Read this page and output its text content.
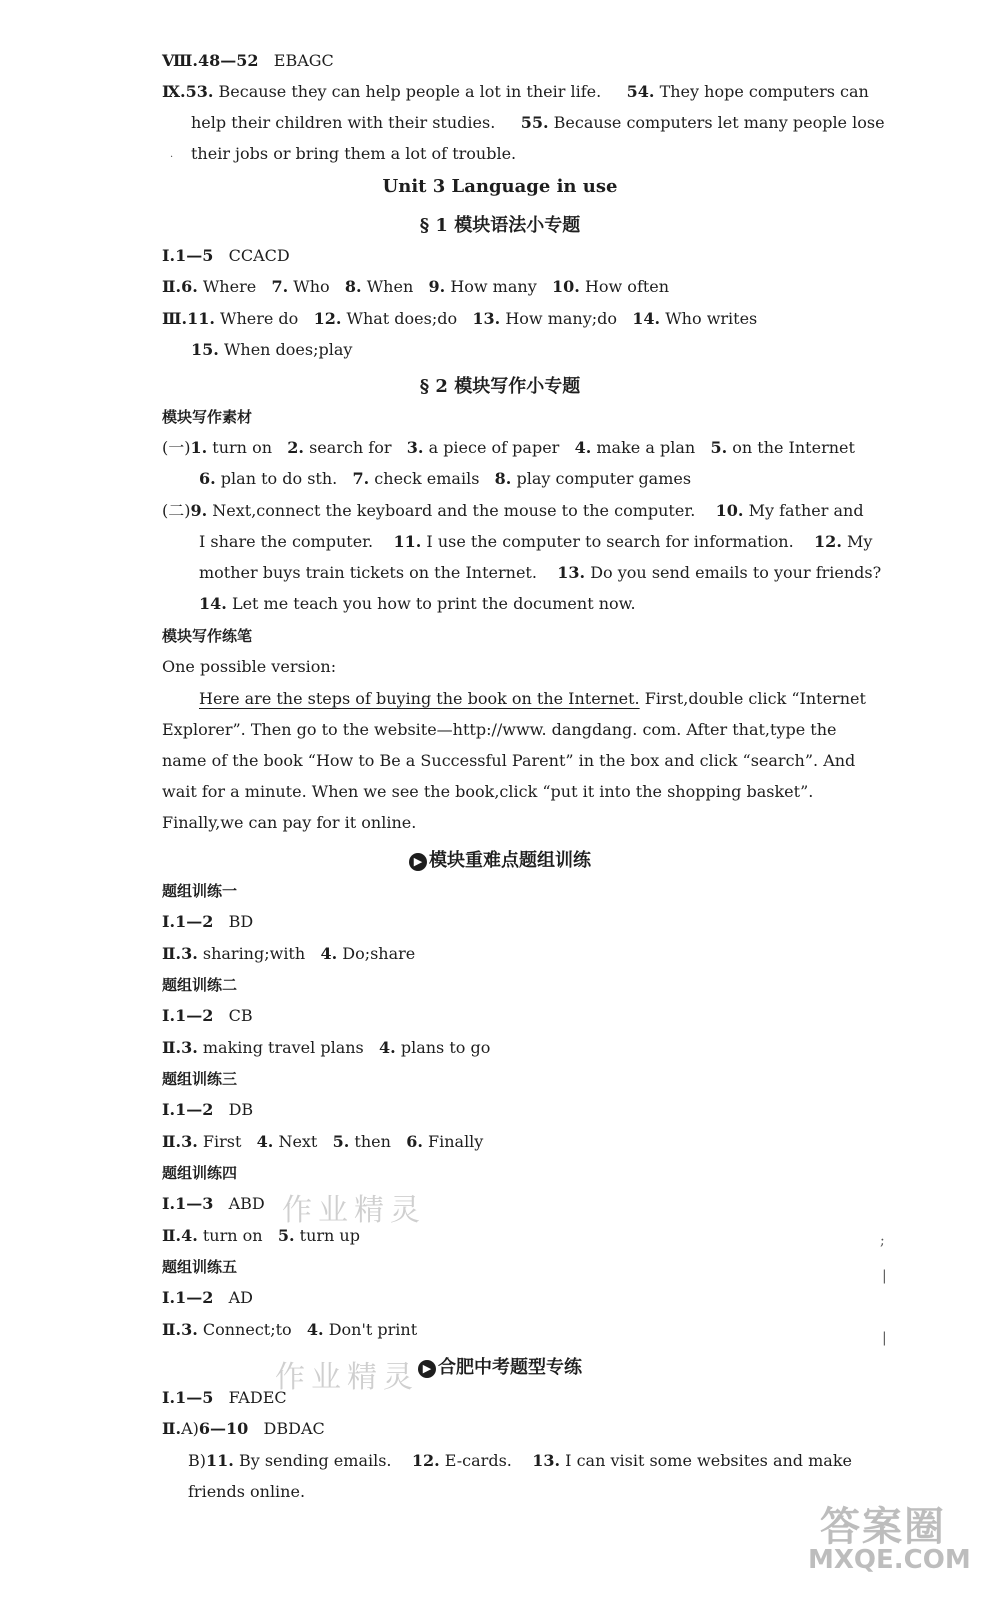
Ⅷ.48—52 EBAGC
Ⅸ.53. Because they can help people a lot in their life. 54. They hope computers can
help their children with their studies. 55. Because computers let many people lose
their jobs or bring them a lot of trouble.
Unit 3 Language in use
§ 1 模块语法小专题
Ⅰ.1—5 CCACD
Ⅱ.6. Where 7. Who 8. When 9. How many 10. How often
Ⅲ.11. Where do 12. What does;do 13. How many;do 14. Who writes
15. When does;play
§ 2 模块写作小专题
模块写作素材
(一)1. turn on 2. search for 3. a piece of paper 4. make a plan 5. on the Internet
6. plan to do sth. 7. check emails 8. play computer games
(二)9. Next,connect the keyboard and the mouse to the computer. 10. My father and
I share the computer. 11. I use the computer to search for information. 12. My
mother buys train tickets on the Internet. 13. Do you send emails to your friends?
14. Let me teach you how to print the document now.
模块写作练笔
One possible version:
Here are the steps of buying the book on the Internet. First,double click “Internet
Explorer”. Then go to the website—http://www. dangdang. com. After that,type the
name of the book “How to Be a Successful Parent” in the box and click “search”. And
wait for a minute. When we see the book,click “put it into the shopping basket”.
Finally,we can pay for it online.
▶ 模块重难点题组训练
题组训练一
Ⅰ.1—2 BD
Ⅱ.3. sharing;with 4. Do;share
题组训练二
Ⅰ.1—2 CB
Ⅱ.3. making travel plans 4. plans to go
题组训练三
Ⅰ.1—2 DB
Ⅱ.3. First 4. Next 5. then 6. Finally
题组训练四
Ⅰ.1—3 ABD
Ⅱ.4. turn on 5. turn up
题组训练五
Ⅰ.1—2 AD
Ⅱ.3. Connect;to 4. Don't print
▶ 合肥中考题型专练
Ⅰ.1—5 FADEC
Ⅱ.A)6—10 DBDAC
B)11. By sending emails. 12. E-cards. 13. I can visit some websites and make
friends online.
作业精灵
作业精灵
答案圈
MXQE.COM
;
|
|
·
